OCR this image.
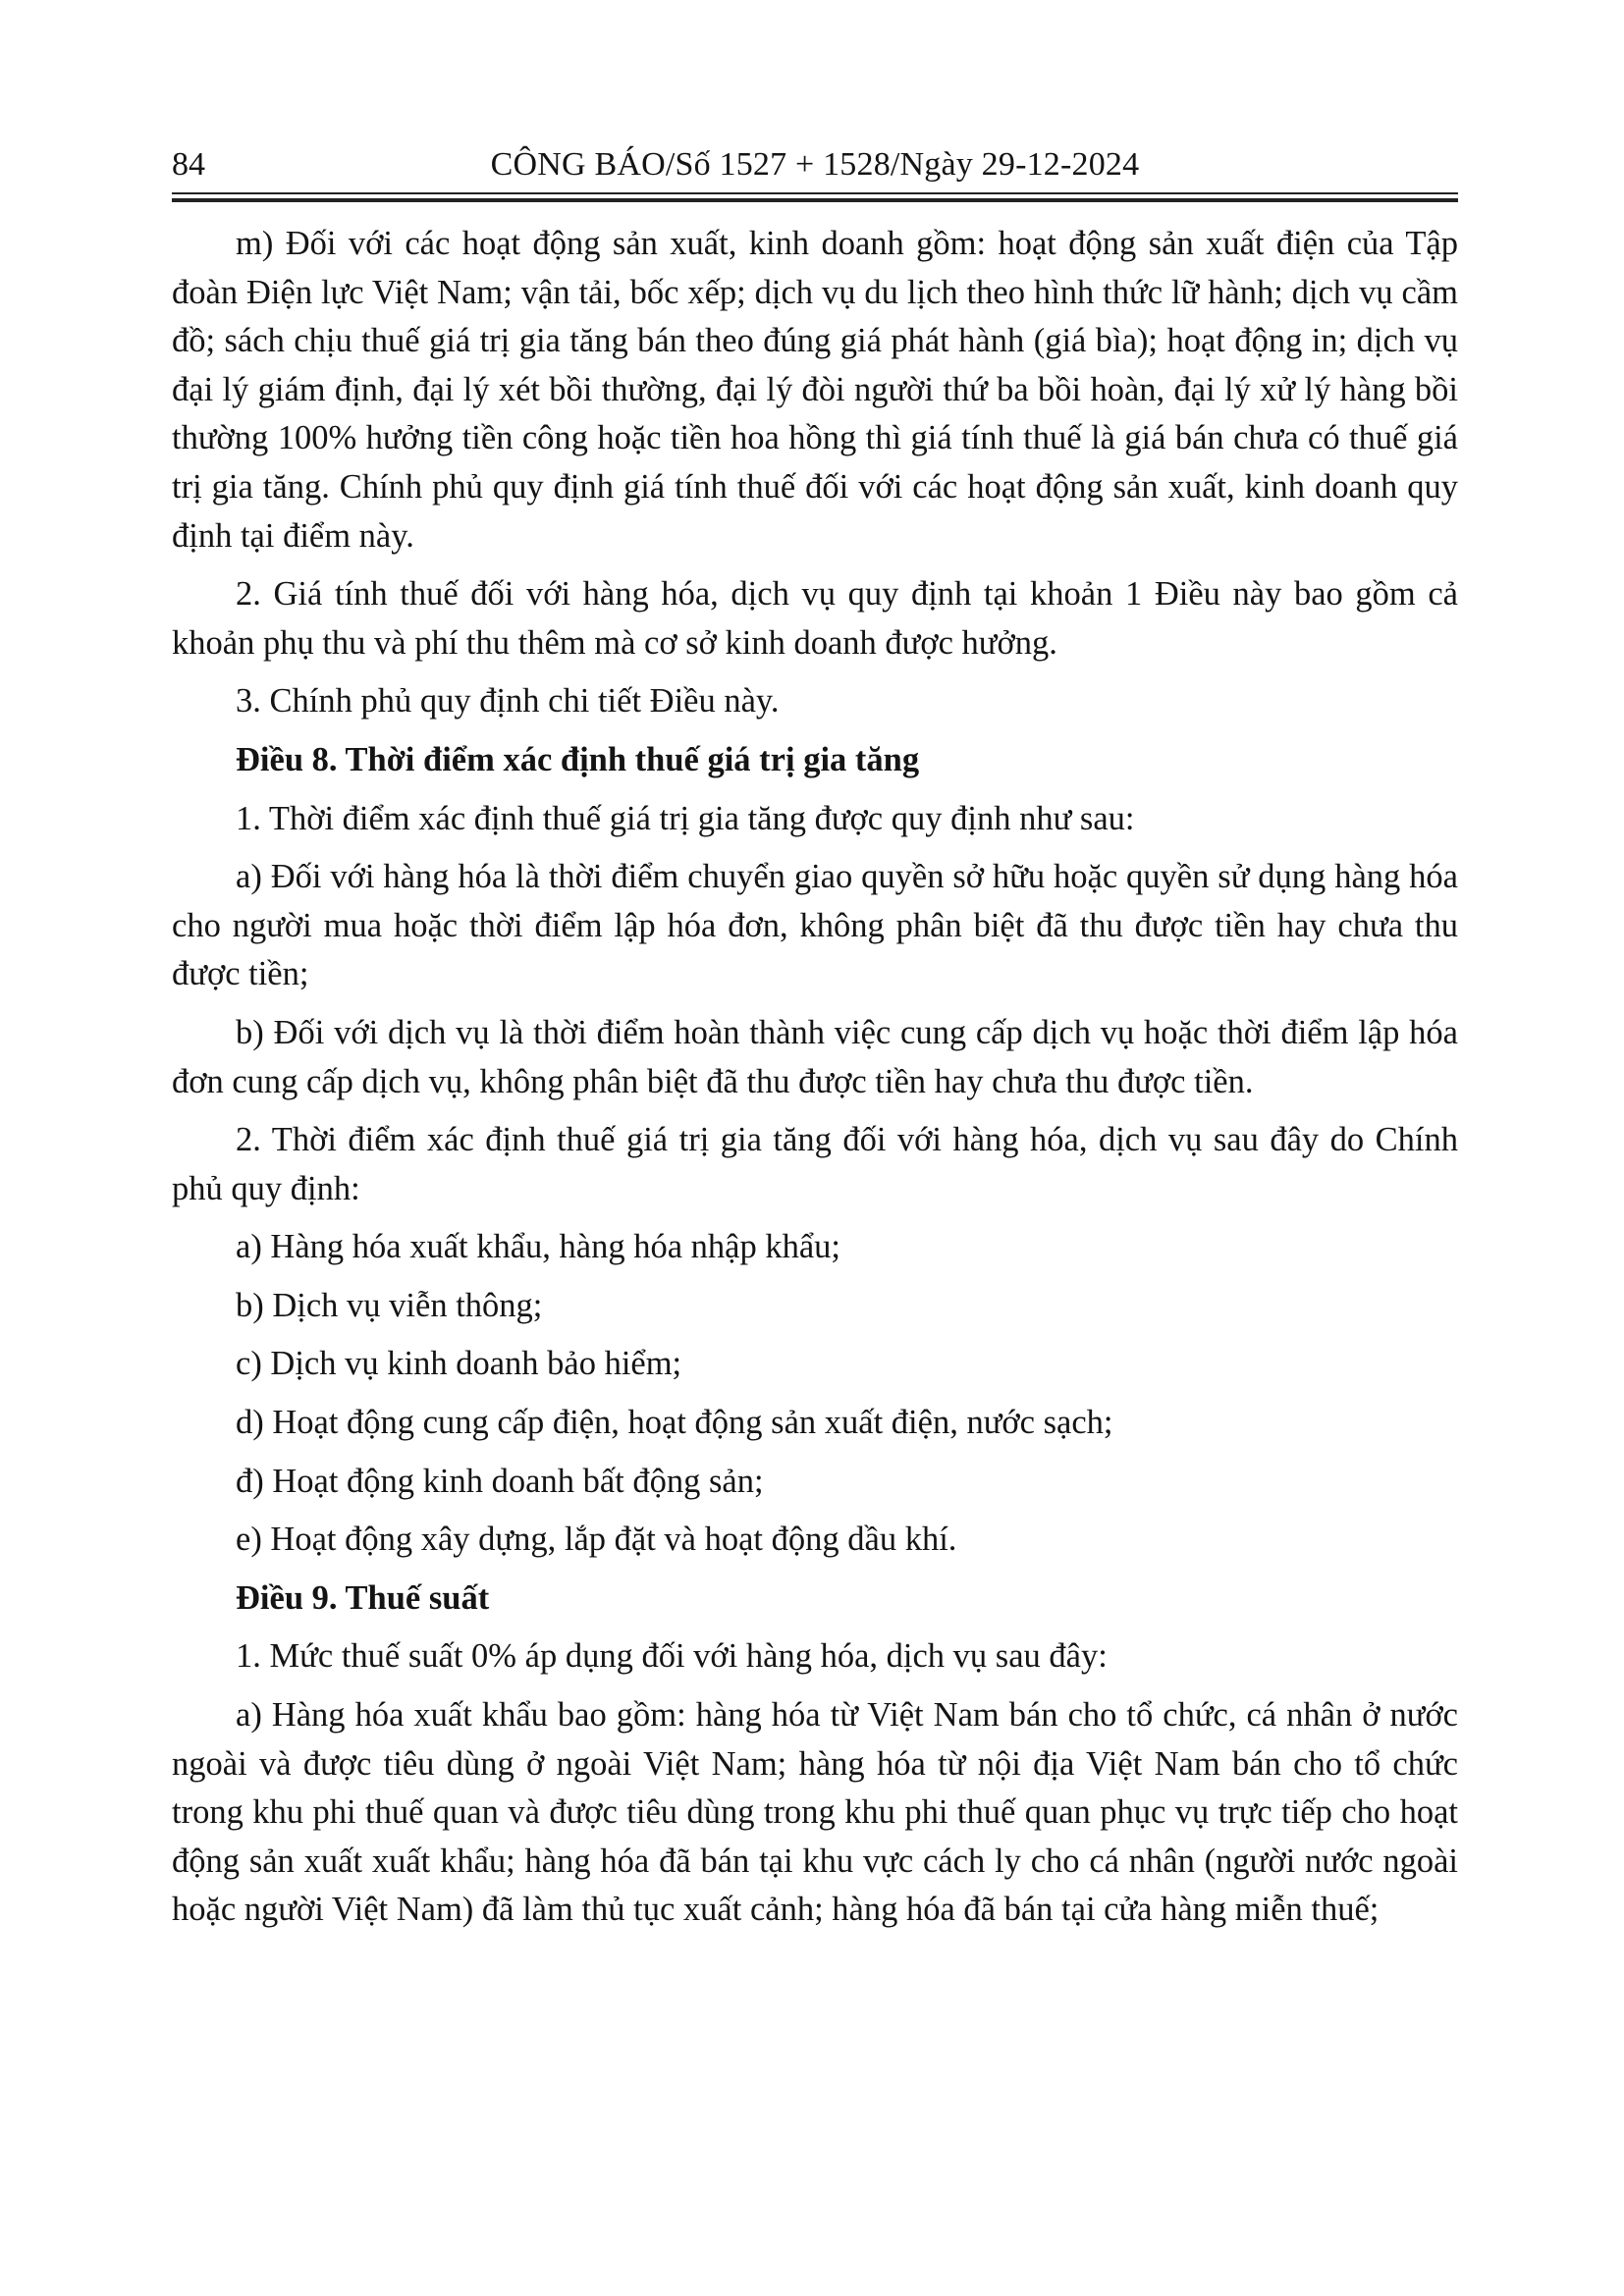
84	CÔNG BÁO/Số 1527 + 1528/Ngày 29-12-2024
m) Đối với các hoạt động sản xuất, kinh doanh gồm: hoạt động sản xuất điện của Tập đoàn Điện lực Việt Nam; vận tải, bốc xếp; dịch vụ du lịch theo hình thức lữ hành; dịch vụ cầm đồ; sách chịu thuế giá trị gia tăng bán theo đúng giá phát hành (giá bìa); hoạt động in; dịch vụ đại lý giám định, đại lý xét bồi thường, đại lý đòi người thứ ba bồi hoàn, đại lý xử lý hàng bồi thường 100% hưởng tiền công hoặc tiền hoa hồng thì giá tính thuế là giá bán chưa có thuế giá trị gia tăng. Chính phủ quy định giá tính thuế đối với các hoạt động sản xuất, kinh doanh quy định tại điểm này.
2. Giá tính thuế đối với hàng hóa, dịch vụ quy định tại khoản 1 Điều này bao gồm cả khoản phụ thu và phí thu thêm mà cơ sở kinh doanh được hưởng.
3. Chính phủ quy định chi tiết Điều này.
Điều 8. Thời điểm xác định thuế giá trị gia tăng
1. Thời điểm xác định thuế giá trị gia tăng được quy định như sau:
a) Đối với hàng hóa là thời điểm chuyển giao quyền sở hữu hoặc quyền sử dụng hàng hóa cho người mua hoặc thời điểm lập hóa đơn, không phân biệt đã thu được tiền hay chưa thu được tiền;
b) Đối với dịch vụ là thời điểm hoàn thành việc cung cấp dịch vụ hoặc thời điểm lập hóa đơn cung cấp dịch vụ, không phân biệt đã thu được tiền hay chưa thu được tiền.
2. Thời điểm xác định thuế giá trị gia tăng đối với hàng hóa, dịch vụ sau đây do Chính phủ quy định:
a) Hàng hóa xuất khẩu, hàng hóa nhập khẩu;
b) Dịch vụ viễn thông;
c) Dịch vụ kinh doanh bảo hiểm;
d) Hoạt động cung cấp điện, hoạt động sản xuất điện, nước sạch;
đ) Hoạt động kinh doanh bất động sản;
e) Hoạt động xây dựng, lắp đặt và hoạt động dầu khí.
Điều 9. Thuế suất
1. Mức thuế suất 0% áp dụng đối với hàng hóa, dịch vụ sau đây:
a) Hàng hóa xuất khẩu bao gồm: hàng hóa từ Việt Nam bán cho tổ chức, cá nhân ở nước ngoài và được tiêu dùng ở ngoài Việt Nam; hàng hóa từ nội địa Việt Nam bán cho tổ chức trong khu phi thuế quan và được tiêu dùng trong khu phi thuế quan phục vụ trực tiếp cho hoạt động sản xuất xuất khẩu; hàng hóa đã bán tại khu vực cách ly cho cá nhân (người nước ngoài hoặc người Việt Nam) đã làm thủ tục xuất cảnh; hàng hóa đã bán tại cửa hàng miễn thuế;
